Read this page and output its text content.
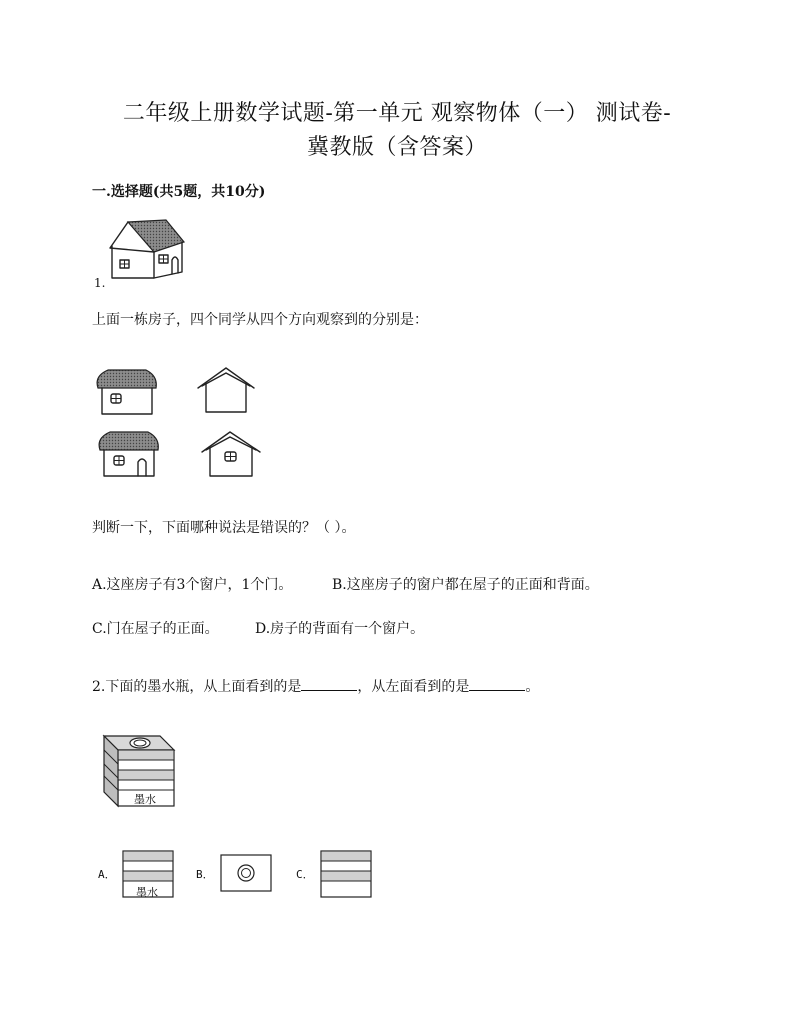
二年级上册数学试题-第一单元 观察物体（一） 测试卷-
冀教版（含答案）
一.选择题(共5题，共10分)
1.
上面一栋房子，四个同学从四个方向观察到的分别是：
判断一下，下面哪种说法是错误的？（ ）。
A.这座房子有3个窗户，1个门。	B.这座房子的窗户都在屋子的正面和背面。
C.门在屋子的正面。	D.房子的背面有一个窗户。
2.下面的墨水瓶，从上面看到的是	，从左面看到的是	。
墨水
A．
墨水
B．	C．
